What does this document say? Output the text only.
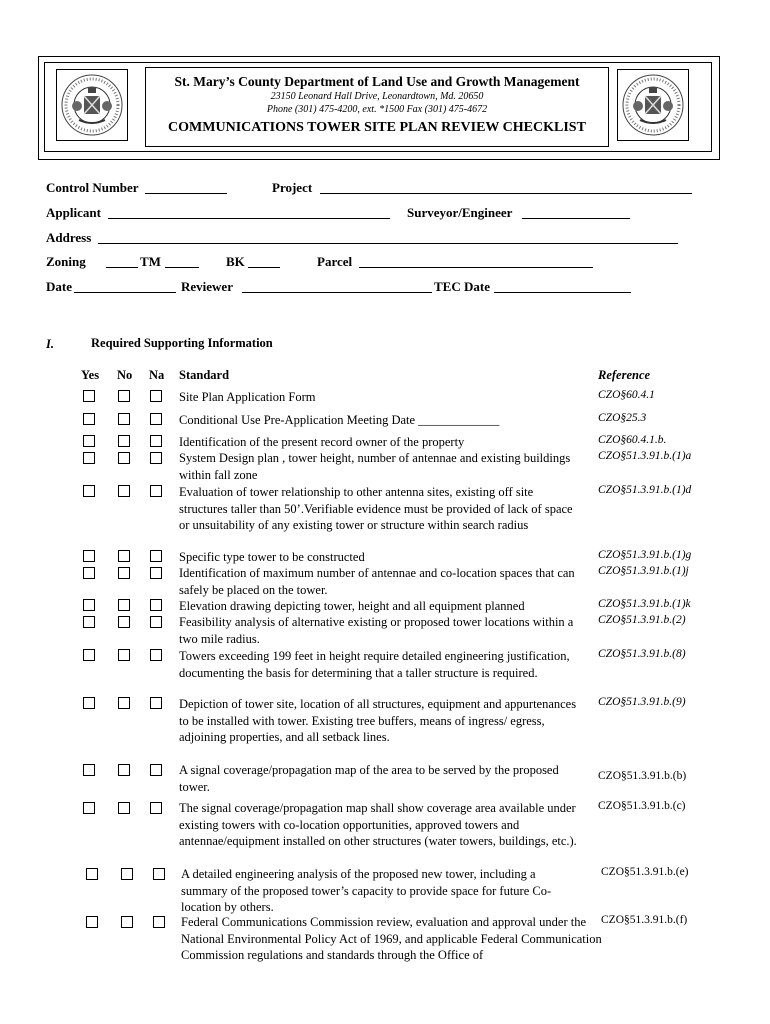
St. Mary’s County Department of Land Use and Growth Management
23150 Leonard Hall Drive, Leonardtown, Md. 20650
Phone (301) 475-4200, ext. *1500 Fax (301) 475-4672
COMMUNICATIONS TOWER SITE PLAN REVIEW CHECKLIST
Control Number	Project
Applicant	Surveyor/Engineer
Address
Zoning	TM	BK	Parcel
Date	Reviewer	TEC Date
I.	Required Supporting Information
Yes No Na Standard	Reference
Site Plan Application Form	CZO§60.4.1
Conditional Use Pre-Application Meeting Date _____________	CZO§25.3
Identification of the present record owner of the property	CZO§60.4.1.b.
System Design plan , tower height, number of antennae and existing buildings within fall zone
CZO§51.3.91.b.(1)a
Evaluation of tower relationship to other antenna sites, existing off site structures taller than 50’.Verifiable evidence must be provided of lack of space or unsuitability of any existing tower or structure within search radius
CZO§51.3.91.b.(1)d
Specific type tower to be constructed	CZO§51.3.91.b.(1)g
Identification of maximum number of antennae and co-location spaces that can safely be placed on the tower.
CZO§51.3.91.b.(1)j
Elevation drawing depicting tower, height and all equipment planned	CZO§51.3.91.b.(1)k
Feasibility analysis of alternative existing or proposed tower locations within a two mile radius.
CZO§51.3.91.b.(2)
Towers exceeding 199 feet in height require detailed engineering justification, documenting the basis for determining that a taller structure is required.
CZO§51.3.91.b.(8)
Depiction of tower site, location of all structures, equipment and appurtenances to be installed with tower. Existing tree buffers, means of ingress/ egress, adjoining properties, and all setback lines.
CZO§51.3.91.b.(9)
A signal coverage/propagation map of the area to be served by the proposed tower.
CZO§51.3.91.b.(b)
The signal coverage/propagation map shall show coverage area available under existing towers with co-location opportunities, approved towers and antennae/equipment installed on other structures (water towers, buildings, etc.).
CZO§51.3.91.b.(c)
A detailed engineering analysis of the proposed new tower, including a summary of the proposed tower’s capacity to provide space for future Co-location by others.
CZO§51.3.91.b.(e)
Federal Communications Commission review, evaluation and approval under the National Environmental Policy Act of 1969, and applicable Federal Communication Commission regulations and standards through the Office of
CZO§51.3.91.b.(f)
